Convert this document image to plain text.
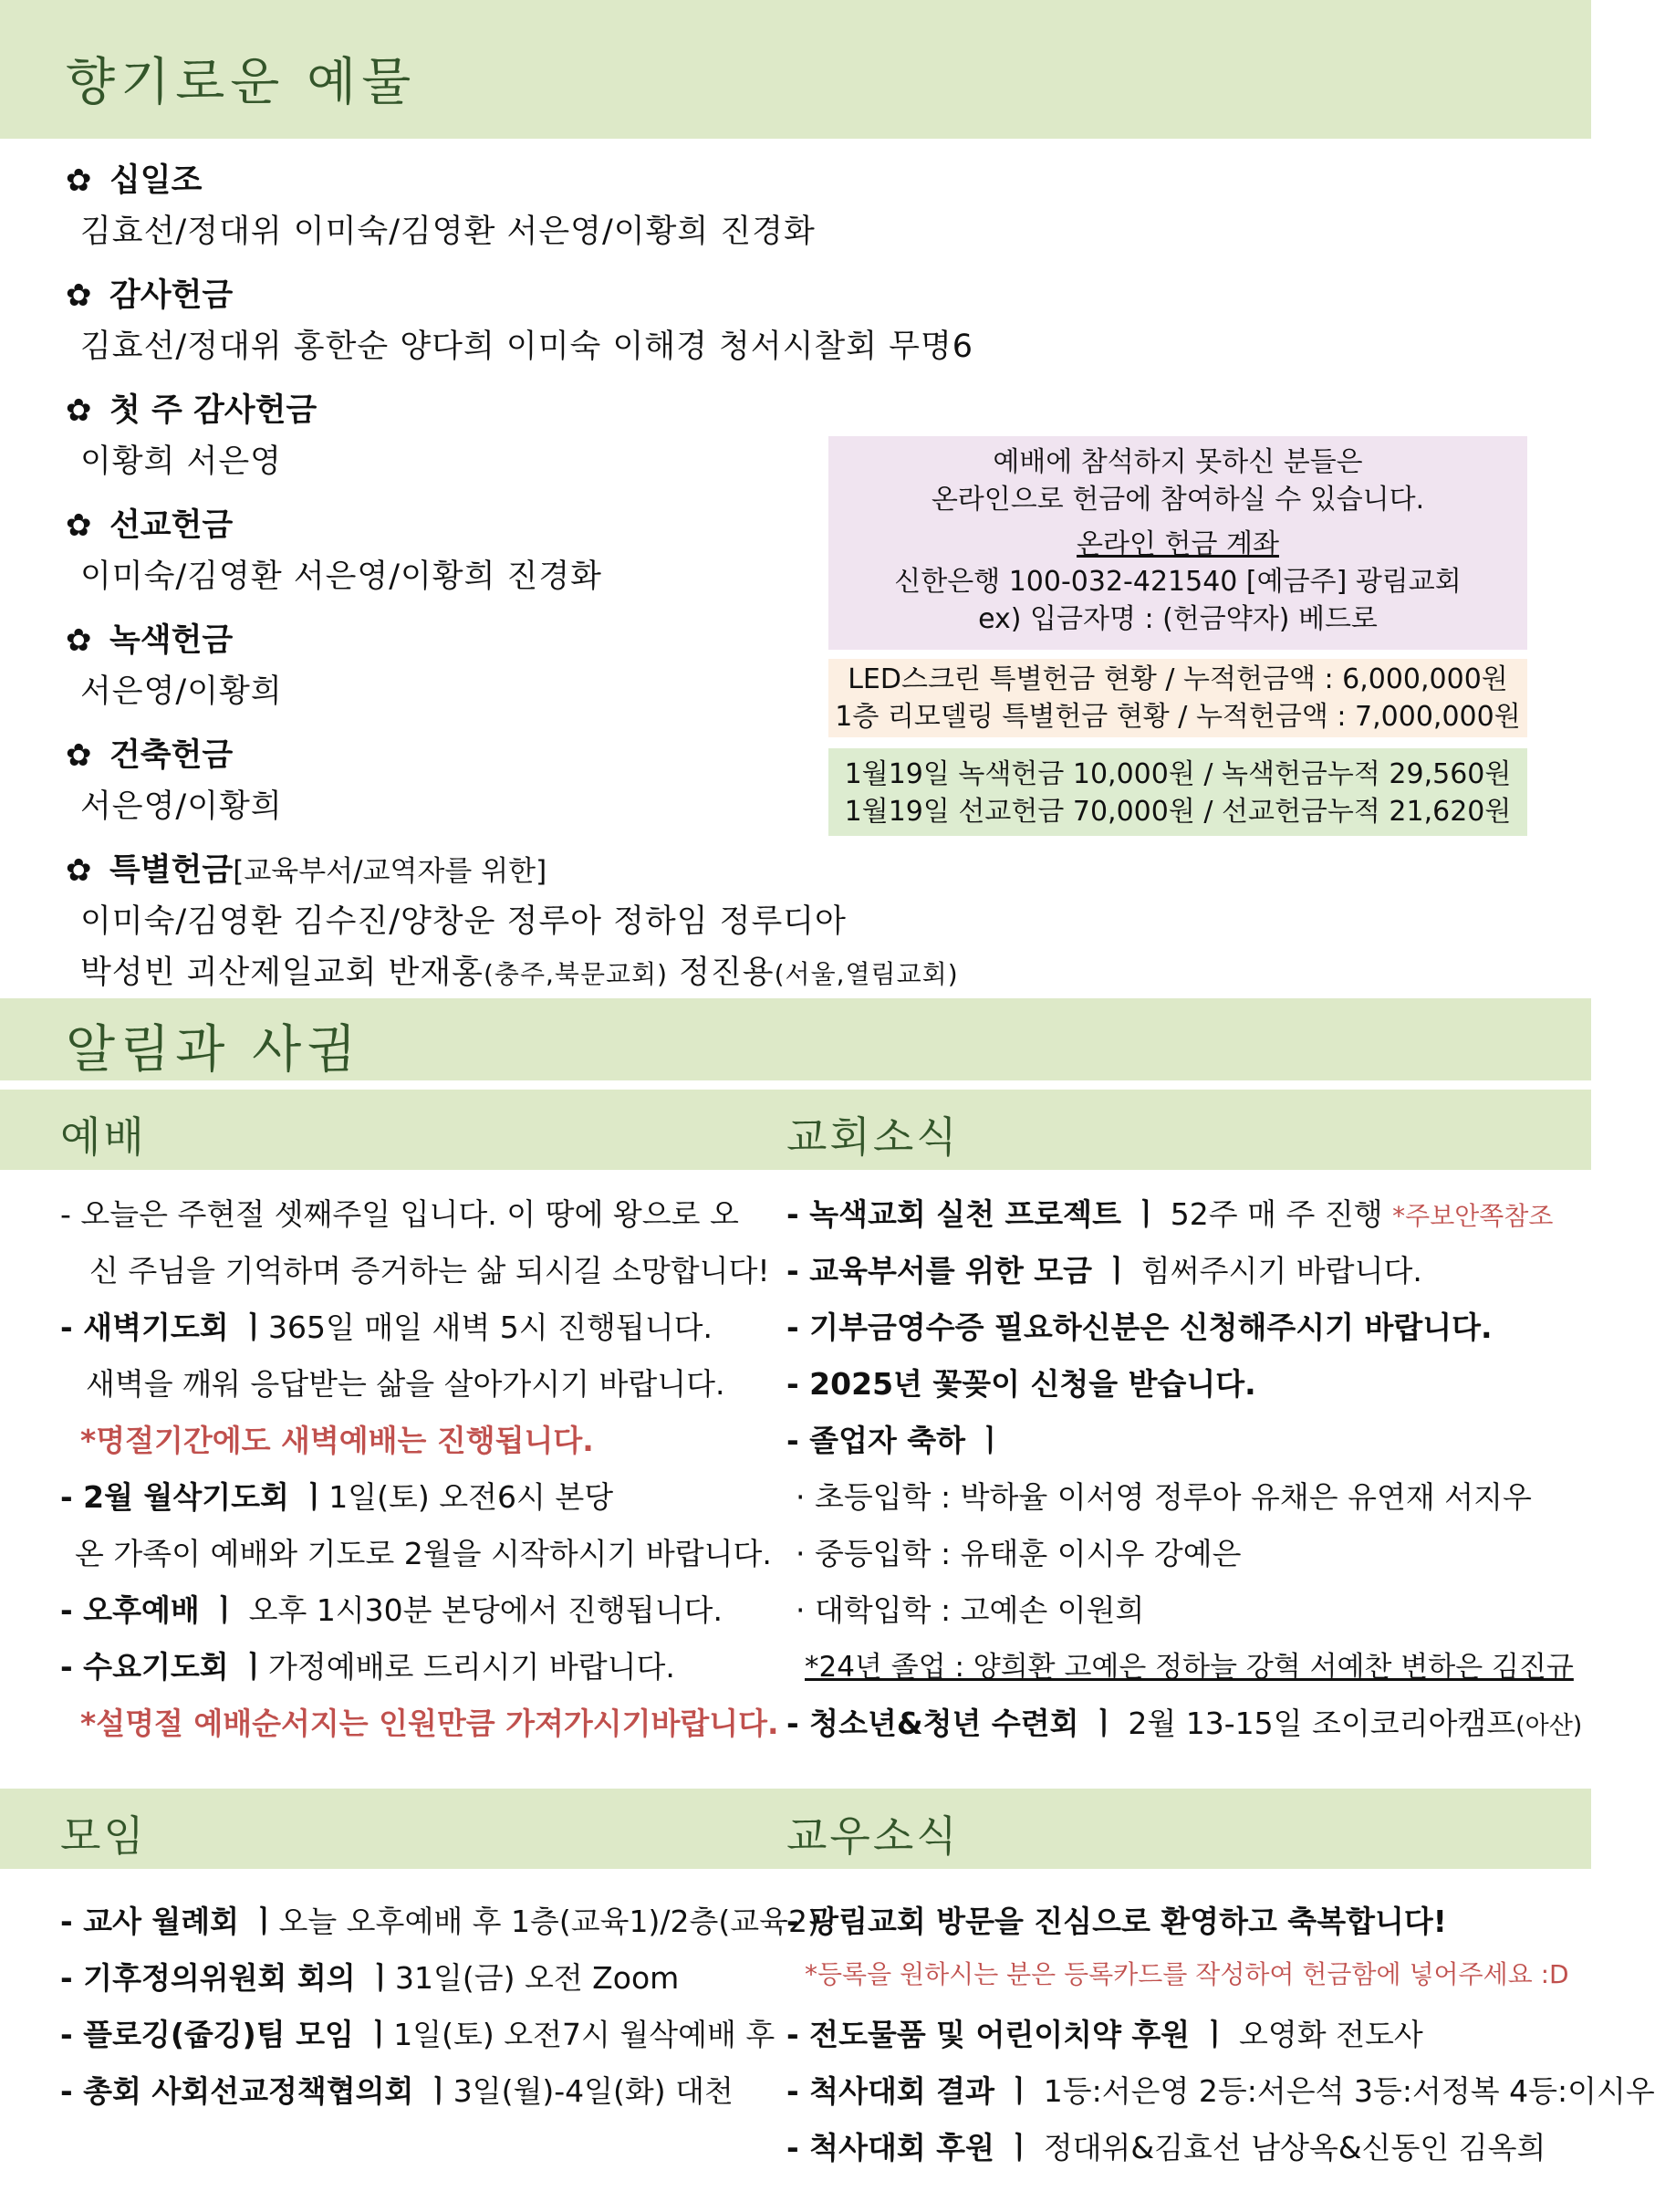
향기로운 예물
✿ 십일조
김효선/정대위 이미숙/김영환 서은영/이황희 진경화
✿ 감사헌금
김효선/정대위 홍한순 양다희 이미숙 이해경 청서시찰회 무명6
✿ 첫 주 감사헌금
이황희 서은영
✿ 선교헌금
이미숙/김영환 서은영/이황희 진경화
✿ 녹색헌금
서은영/이황희
✿ 건축헌금
서은영/이황희
✿ 특별헌금[교육부서/교역자를 위한]
이미숙/김영환 김수진/양창운 정루아 정하임 정루디아
박성빈 괴산제일교회 반재홍(충주,북문교회) 정진용(서울,열림교회)
예배에 참석하지 못하신 분들은
온라인으로 헌금에 참여하실 수 있습니다.
온라인 헌금 계좌
신한은행 100-032-421540 [예금주] 광림교회
ex) 입금자명 : (헌금약자) 베드로
LED스크린 특별헌금 현황 / 누적헌금액 : 6,000,000원
1층 리모델링 특별헌금 현황 / 누적헌금액 : 7,000,000원
1월19일 녹색헌금 10,000원 / 녹색헌금누적 29,560원
1월19일 선교헌금 70,000원 / 선교헌금누적 21,620원
알림과 사귐
예배	교회소식
- 오늘은 주현절 셋째주일 입니다. 이 땅에 왕으로 오
신 주님을 기억하며 증거하는 삶 되시길 소망합니다!
- 새벽기도회 ㅣ365일 매일 새벽 5시 진행됩니다.
새벽을 깨워 응답받는 삶을 살아가시기 바랍니다.
*명절기간에도 새벽예배는 진행됩니다.
- 2월 월삭기도회 ㅣ1일(토) 오전6시 본당
온 가족이 예배와 기도로 2월을 시작하시기 바랍니다.
- 오후예배 ㅣ 오후 1시30분 본당에서 진행됩니다.
- 수요기도회 ㅣ가정예배로 드리시기 바랍니다.
*설명절 예배순서지는 인원만큼 가져가시기바랍니다.
- 녹색교회 실천 프로젝트 ㅣ 52주 매 주 진행 *주보안쪽참조
- 교육부서를 위한 모금 ㅣ 힘써주시기 바랍니다.
- 기부금영수증 필요하신분은 신청해주시기 바랍니다.
- 2025년 꽃꽂이 신청을 받습니다.
- 졸업자 축하 ㅣ
· 초등입학 : 박하율 이서영 정루아 유채은 유연재 서지우
· 중등입학 : 유태훈 이시우 강예은
· 대학입학 : 고예손 이원희
*24년 졸업 : 양희환 고예은 정하늘 강혁 서예찬 변하은 김진규
- 청소년&청년 수련회 ㅣ 2월 13-15일 조이코리아캠프(아산)
모임	교우소식
- 교사 월례회 ㅣ오늘 오후예배 후 1층(교육1)/2층(교육2)
- 기후정의위원회 회의 ㅣ31일(금) 오전 Zoom
- 플로깅(줍깅)팀 모임 ㅣ1일(토) 오전7시 월삭예배 후
- 총회 사회선교정책협의회 ㅣ3일(월)-4일(화) 대천
- 광림교회 방문을 진심으로 환영하고 축복합니다!
*등록을 원하시는 분은 등록카드를 작성하여 헌금함에 넣어주세요 :D
- 전도물품 및 어린이치약 후원 ㅣ 오영화 전도사
- 척사대회 결과 ㅣ 1등:서은영 2등:서은석 3등:서정복 4등:이시우
- 척사대회 후원 ㅣ 정대위&김효선 남상옥&신동인 김옥희
